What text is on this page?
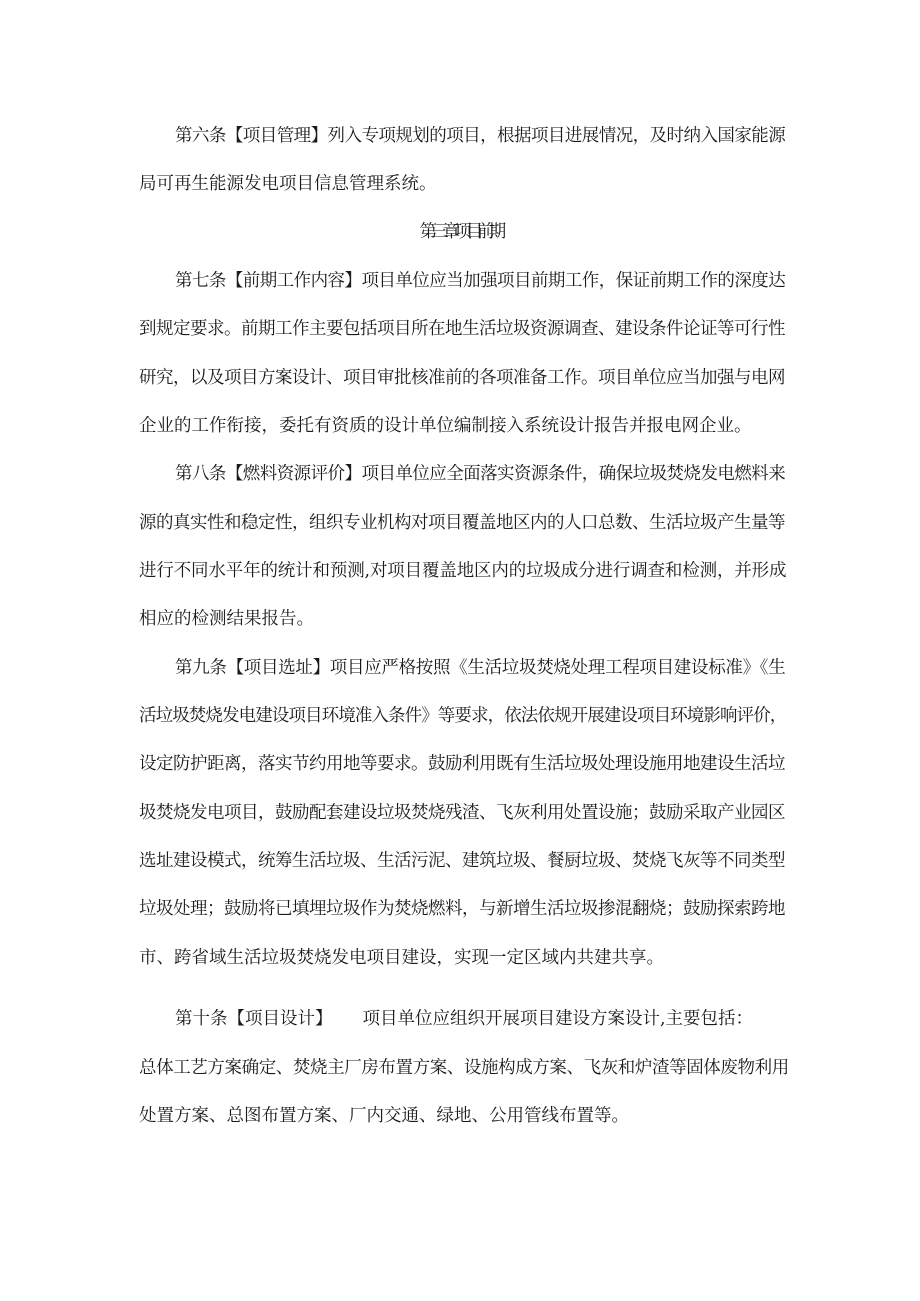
第六条【项目管理】列入专项规划的项目，根据项目进展情况，及时纳入国家能源
局可再生能源发电项目信息管理系统。
第三章项目前期
第七条【前期工作内容】项目单位应当加强项目前期工作，保证前期工作的深度达
到规定要求。前期工作主要包括项目所在地生活垃圾资源调查、建设条件论证等可行性
研究，以及项目方案设计、项目审批核准前的各项准备工作。项目单位应当加强与电网
企业的工作衔接，委托有资质的设计单位编制接入系统设计报告并报电网企业。
第八条【燃料资源评价】项目单位应全面落实资源条件，确保垃圾焚烧发电燃料来
源的真实性和稳定性，组织专业机构对项目覆盖地区内的人口总数、生活垃圾产生量等
进行不同水平年的统计和预测,对项目覆盖地区内的垃圾成分进行调查和检测，并形成
相应的检测结果报告。
第九条【项目选址】项目应严格按照《生活垃圾焚烧处理工程项目建设标准》《生
活垃圾焚烧发电建设项目环境准入条件》等要求，依法依规开展建设项目环境影响评价，
设定防护距离，落实节约用地等要求。鼓励利用既有生活垃圾处理设施用地建设生活垃
圾焚烧发电项目，鼓励配套建设垃圾焚烧残渣、飞灰利用处置设施；鼓励采取产业园区
选址建设模式，统筹生活垃圾、生活污泥、建筑垃圾、餐厨垃圾、焚烧飞灰等不同类型
垃圾处理；鼓励将已填埋垃圾作为焚烧燃料，与新增生活垃圾掺混翻烧；鼓励探索跨地
市、跨省域生活垃圾焚烧发电项目建设，实现一定区域内共建共享。
第十条【项目设计】 项目单位应组织开展项目建设方案设计,主要包括：
总体工艺方案确定、焚烧主厂房布置方案、设施构成方案、飞灰和炉渣等固体废物利用
处置方案、总图布置方案、厂内交通、绿地、公用管线布置等。
